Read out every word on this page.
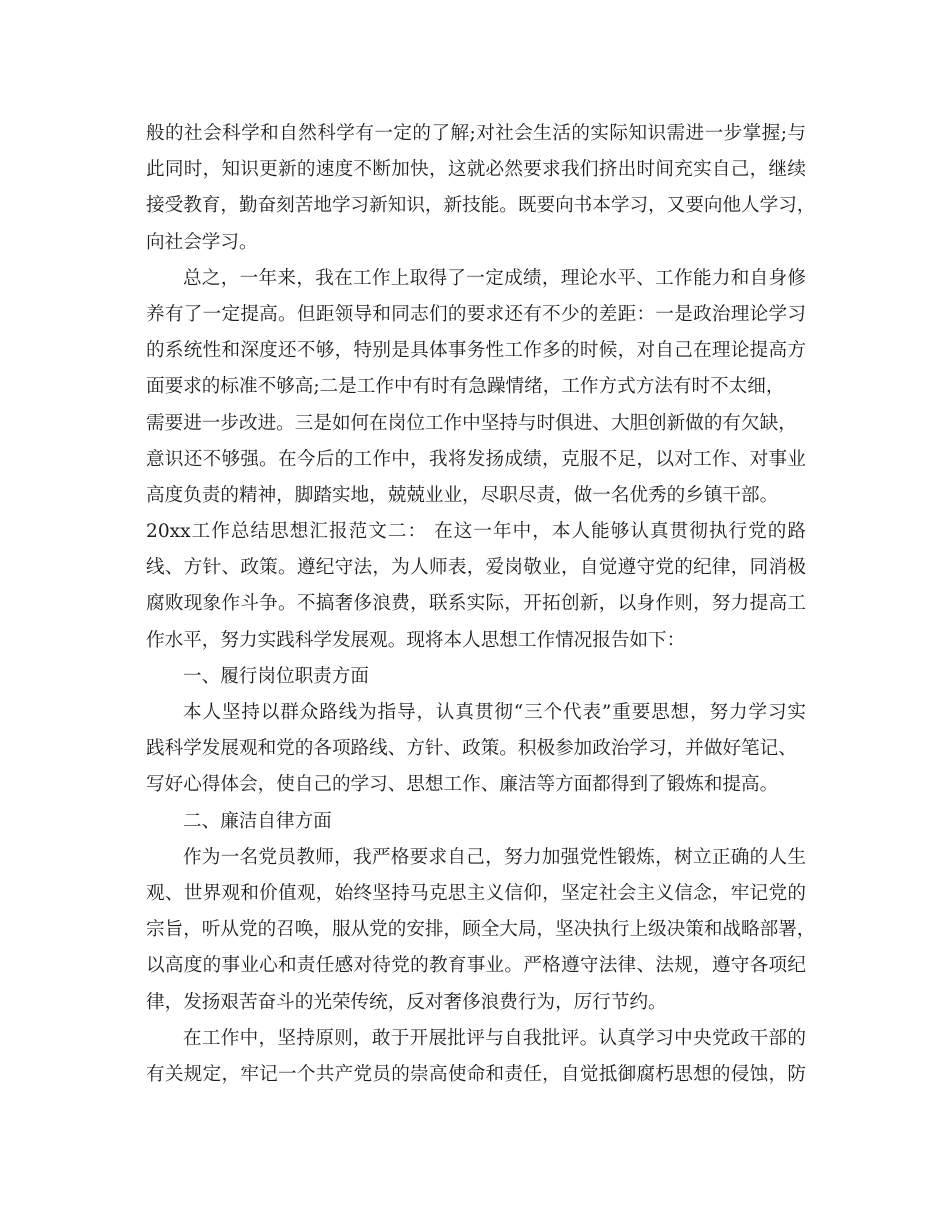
般的社会科学和自然科学有一定的了解;对社会生活的实际知识需进一步掌握;与
此同时，知识更新的速度不断加快，这就必然要求我们挤出时间充实自己，继续
接受教育，勤奋刻苦地学习新知识，新技能。既要向书本学习，又要向他人学习，
向社会学习。
总之，一年来，我在工作上取得了一定成绩，理论水平、工作能力和自身修
养有了一定提高。但距领导和同志们的要求还有不少的差距：一是政治理论学习
的系统性和深度还不够，特别是具体事务性工作多的时候，对自己在理论提高方
面要求的标准不够高;二是工作中有时有急躁情绪，工作方式方法有时不太细，
需要进一步改进。三是如何在岗位工作中坚持与时俱进、大胆创新做的有欠缺，
意识还不够强。在今后的工作中，我将发扬成绩，克服不足，以对工作、对事业
高度负责的精神，脚踏实地，兢兢业业，尽职尽责，做一名优秀的乡镇干部。
20xx工作总结思想汇报范文二： 在这一年中，本人能够认真贯彻执行党的路
线、方针、政策。遵纪守法，为人师表，爱岗敬业，自觉遵守党的纪律，同消极
腐败现象作斗争。不搞奢侈浪费，联系实际，开拓创新，以身作则，努力提高工
作水平，努力实践科学发展观。现将本人思想工作情况报告如下：
一、履行岗位职责方面
本人坚持以群众路线为指导，认真贯彻“三个代表”重要思想，努力学习实
践科学发展观和党的各项路线、方针、政策。积极参加政治学习，并做好笔记、
写好心得体会，使自己的学习、思想工作、廉洁等方面都得到了锻炼和提高。
二、廉洁自律方面
作为一名党员教师，我严格要求自己，努力加强党性锻炼，树立正确的人生
观、世界观和价值观，始终坚持马克思主义信仰，坚定社会主义信念，牢记党的
宗旨，听从党的召唤，服从党的安排，顾全大局，坚决执行上级决策和战略部署，
以高度的事业心和责任感对待党的教育事业。严格遵守法律、法规，遵守各项纪
律，发扬艰苦奋斗的光荣传统，反对奢侈浪费行为，厉行节约。
在工作中，坚持原则，敢于开展批评与自我批评。认真学习中央党政干部的
有关规定，牢记一个共产党员的崇高使命和责任，自觉抵御腐朽思想的侵蚀，防
